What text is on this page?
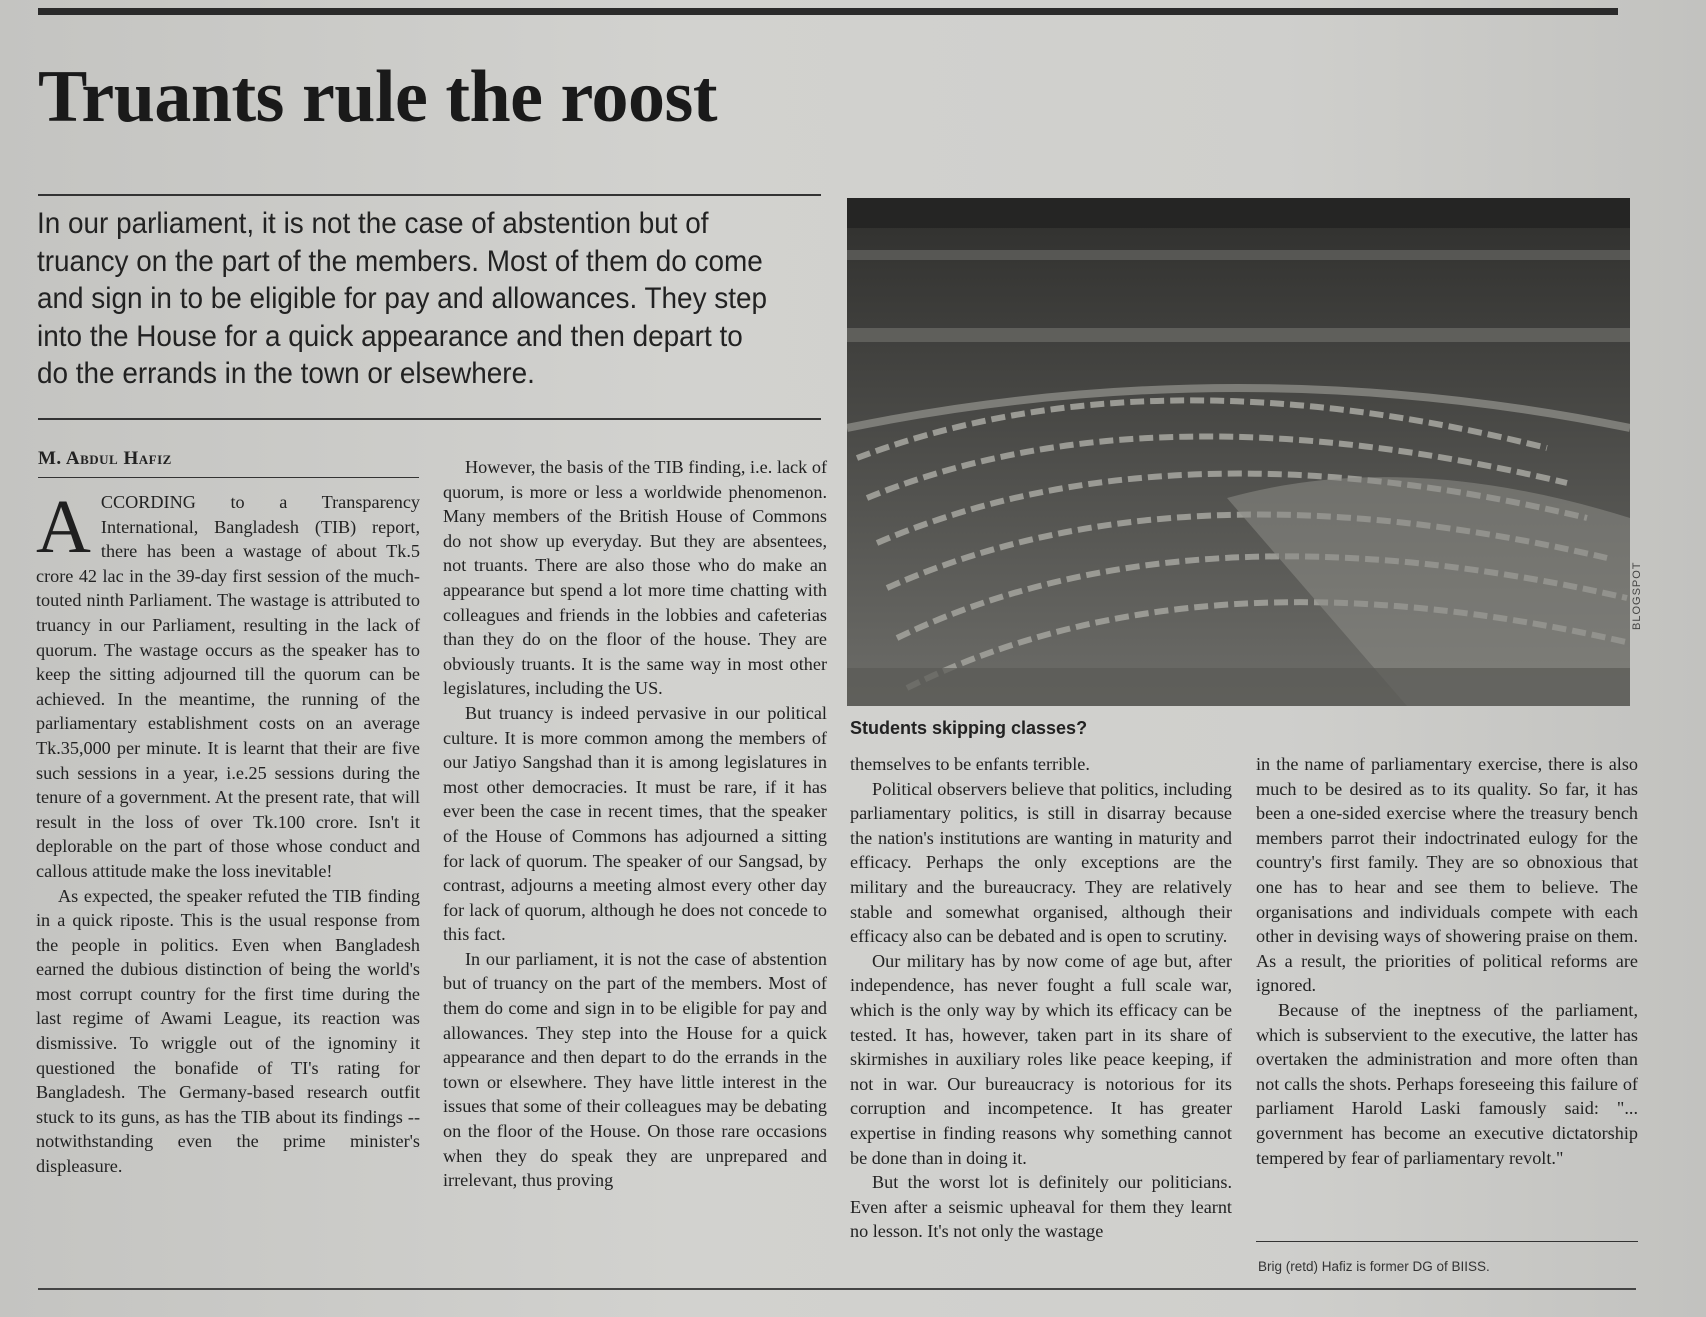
Truants rule the roost

In our parliament, it is not the case of abstention but of truancy on the part of the members. Most of them do come and sign in to be eligible for pay and allowances. They step into the House for a quick appearance and then depart to do the errands in the town or elsewhere.

M. Abdul Hafiz

ACCORDING to a Transparency International, Bangladesh (TIB) report, there has been a wastage of about Tk.5 crore 42 lac in the 39-day first session of the much-touted ninth Parliament. The wastage is attributed to truancy in our Parliament, resulting in the lack of quorum. The wastage occurs as the speaker has to keep the sitting adjourned till the quorum can be achieved. In the meantime, the running of the parliamentary establishment costs on an average Tk.35,000 per minute. It is learnt that their are five such sessions in a year, i.e.25 sessions during the tenure of a government. At the present rate, that will result in the loss of over Tk.100 crore. Isn't it deplorable on the part of those whose conduct and callous attitude make the loss inevitable!

As expected, the speaker refuted the TIB finding in a quick riposte. This is the usual response from the people in politics. Even when Bangladesh earned the dubious distinction of being the world's most corrupt country for the first time during the last regime of Awami League, its reaction was dismissive. To wriggle out of the ignominy it questioned the bonafide of TI's rating for Bangladesh. The Germany-based research outfit stuck to its guns, as has the TIB about its findings -- notwithstanding even the prime minister's displeasure.

However, the basis of the TIB finding, i.e. lack of quorum, is more or less a worldwide phenomenon. Many members of the British House of Commons do not show up everyday. But they are absentees, not truants. There are also those who do make an appearance but spend a lot more time chatting with colleagues and friends in the lobbies and cafeterias than they do on the floor of the house. They are obviously truants. It is the same way in most other legislatures, including the US.

But truancy is indeed pervasive in our political culture. It is more common among the members of our Jatiyo Sangshad than it is among legislatures in most other democracies. It must be rare, if it has ever been the case in recent times, that the speaker of the House of Commons has adjourned a sitting for lack of quorum. The speaker of our Sangsad, by contrast, adjourns a meeting almost every other day for lack of quorum, although he does not concede to this fact.

In our parliament, it is not the case of abstention but of truancy on the part of the members. Most of them do come and sign in to be eligible for pay and allowances. They step into the House for a quick appearance and then depart to do the errands in the town or elsewhere. They have little interest in the issues that some of their colleagues may be debating on the floor of the House. On those rare occasions when they do speak they are unprepared and irrelevant, thus proving

BLOGSPOT
Students skipping classes?

themselves to be enfants terrible.

Political observers believe that politics, including parliamentary politics, is still in disarray because the nation's institutions are wanting in maturity and efficacy. Perhaps the only exceptions are the military and the bureaucracy. They are relatively stable and somewhat organised, although their efficacy also can be debated and is open to scrutiny.

Our military has by now come of age but, after independence, has never fought a full scale war, which is the only way by which its efficacy can be tested. It has, however, taken part in its share of skirmishes in auxiliary roles like peace keeping, if not in war. Our bureaucracy is notorious for its corruption and incompetence. It has greater expertise in finding reasons why something cannot be done than in doing it.

But the worst lot is definitely our politicians. Even after a seismic upheaval for them they learnt no lesson. It's not only the wastage

in the name of parliamentary exercise, there is also much to be desired as to its quality. So far, it has been a one-sided exercise where the treasury bench members parrot their indoctrinated eulogy for the country's first family. They are so obnoxious that one has to hear and see them to believe. The organisations and individuals compete with each other in devising ways of showering praise on them. As a result, the priorities of political reforms are ignored.

Because of the ineptness of the parliament, which is subservient to the executive, the latter has overtaken the administration and more often than not calls the shots. Perhaps foreseeing this failure of parliament Harold Laski famously said: "... government has become an executive dictatorship tempered by fear of parliamentary revolt."

Brig (retd) Hafiz is former DG of BIISS.
